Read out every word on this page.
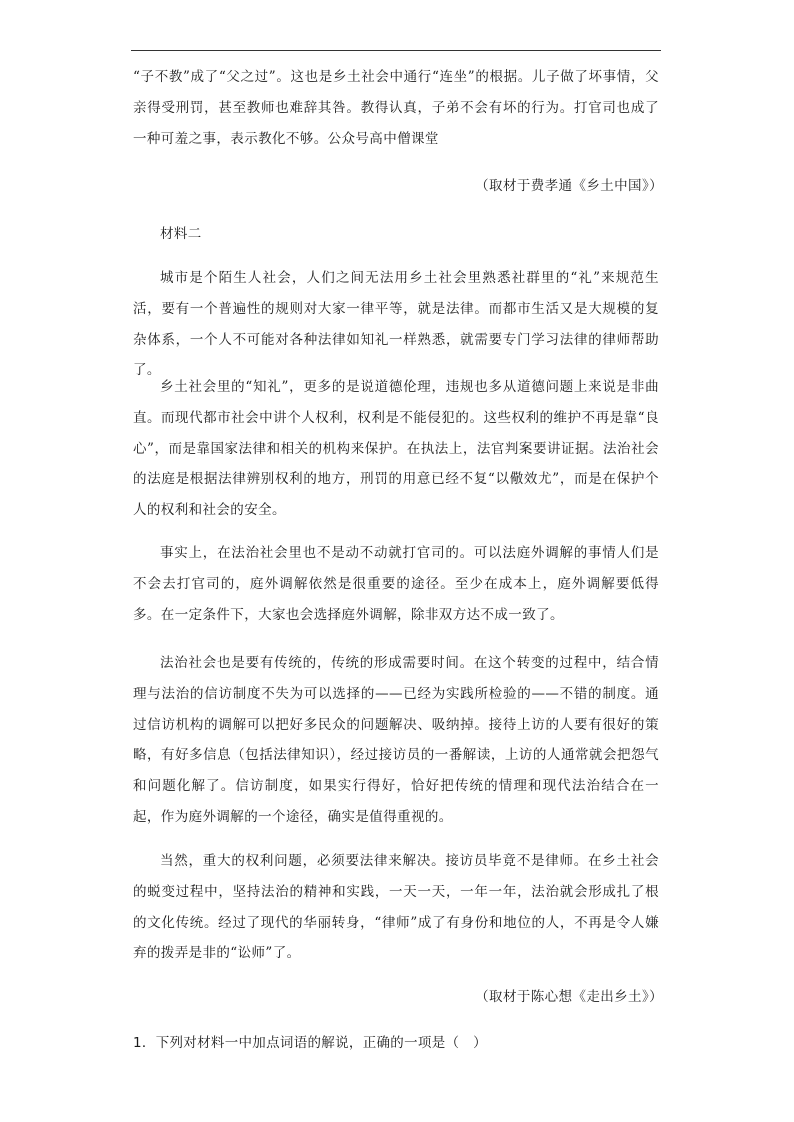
“子不教”成了“父之过”。这也是乡土社会中通行“连坐”的根据。儿子做了坏事情，父亲得受刑罚，甚至教师也难辞其咎。教得认真，子弟不会有坏的行为。打官司也成了一种可羞之事，表示教化不够。公众号高中僧课堂

（取材于费孝通《乡土中国》）

材料二

城市是个陌生人社会，人们之间无法用乡土社会里熟悉社群里的“礼”来规范生活，要有一个普遍性的规则对大家一律平等，就是法律。而都市生活又是大规模的复杂体系，一个人不可能对各种法律如知礼一样熟悉，就需要专门学习法律的律师帮助了。

乡土社会里的“知礼”，更多的是说道德伦理，违规也多从道德问题上来说是非曲直。而现代都市社会中讲个人权利，权利是不能侵犯的。这些权利的维护不再是靠“良心”，而是靠国家法律和相关的机构来保护。在执法上，法官判案要讲证据。法治社会的法庭是根据法律辨别权利的地方，刑罚的用意已经不复“以儆效尤”，而是在保护个人的权利和社会的安全。

事实上，在法治社会里也不是动不动就打官司的。可以法庭外调解的事情人们是不会去打官司的，庭外调解依然是很重要的途径。至少在成本上，庭外调解要低得多。在一定条件下，大家也会选择庭外调解，除非双方达不成一致了。

法治社会也是要有传统的，传统的形成需要时间。在这个转变的过程中，结合情理与法治的信访制度不失为可以选择的——已经为实践所检验的——不错的制度。通过信访机构的调解可以把好多民众的问题解决、吸纳掉。接待上访的人要有很好的策略，有好多信息（包括法律知识），经过接访员的一番解读，上访的人通常就会把怨气和问题化解了。信访制度，如果实行得好，恰好把传统的情理和现代法治结合在一起，作为庭外调解的一个途径，确实是值得重视的。

当然，重大的权利问题，必须要法律来解决。接访员毕竟不是律师。在乡土社会的蜕变过程中，坚持法治的精神和实践，一天一天，一年一年，法治就会形成扎了根的文化传统。经过了现代的华丽转身，“律师”成了有身份和地位的人，不再是令人嫌弃的拨弄是非的“讼师”了。

（取材于陈心想《走出乡土》）

1．下列对材料一中加点词语的解说，正确的一项是（　）
